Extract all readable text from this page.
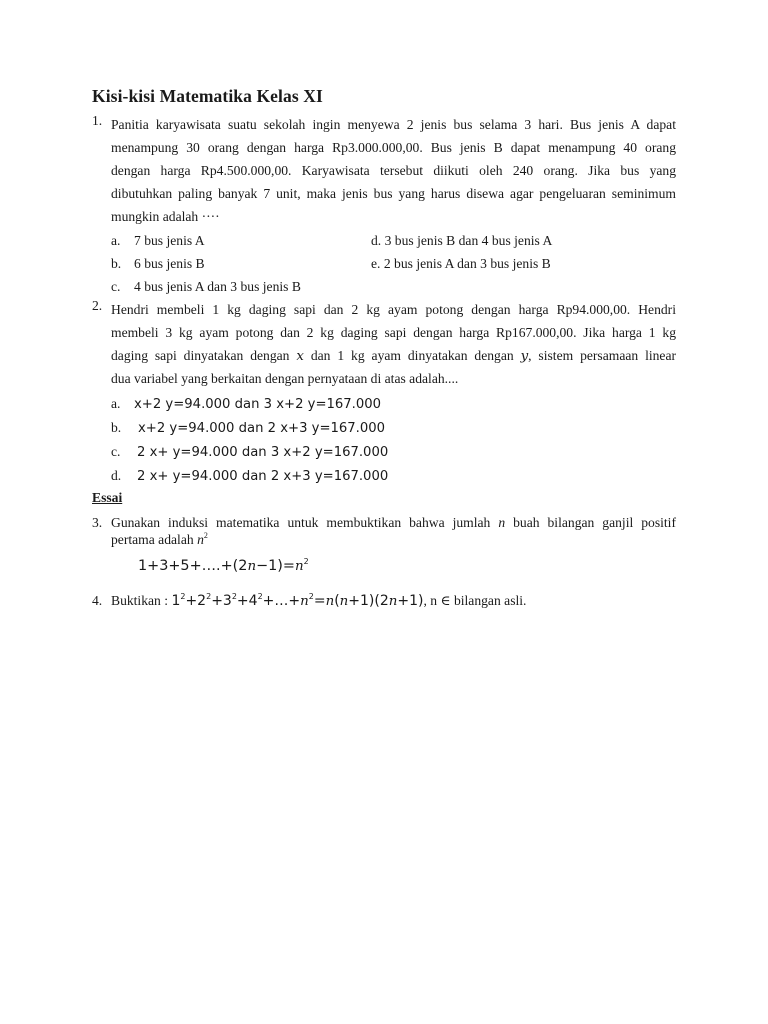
Kisi-kisi Matematika Kelas XI
1. Panitia karyawisata suatu sekolah ingin menyewa 2 jenis bus selama 3 hari. Bus jenis A dapat
menampung 30 orang dengan harga Rp3.000.000,00. Bus jenis B dapat menampung 40 orang
dengan harga Rp4.500.000,00. Karyawisata tersebut diikuti oleh 240 orang. Jika bus yang
dibutuhkan paling banyak 7 unit, maka jenis bus yang harus disewa agar pengeluaran seminimum
mungkin adalah ····
a. 7 bus jenis A	d. 3 bus jenis B dan 4 bus jenis A
b. 6 bus jenis B	e. 2 bus jenis A dan 3 bus jenis B
c. 4 bus jenis A dan 3 bus jenis B
2. Hendri membeli 1 kg daging sapi dan 2 kg ayam potong dengan harga Rp94.000,00. Hendri
membeli 3 kg ayam potong dan 2 kg daging sapi dengan harga Rp167.000,00. Jika harga 1 kg
daging sapi dinyatakan dengan x dan 1 kg ayam dinyatakan dengan y, sistem persamaan linear
dua variabel yang berkaitan dengan pernyataan di atas adalah....
a. x+2 y=94.000 dan 3 x+2 y=167.000
b. x+2 y=94.000 dan 2 x+3 y=167.000
c. 2 x+ y=94.000 dan 3 x+2 y=167.000
d. 2 x+ y=94.000 dan 2 x+3 y=167.000
Essai
3. Gunakan induksi matematika untuk membuktikan bahwa jumlah n buah bilangan ganjil positif
pertama adalah $n^2$
$1+3+5+\dots.+(2n-1)=n^2$
4. Buktikan : $1^2+2^2+3^2+4^2+\dots+n^2=n(n+1)(2n+1)$, n ∈ bilangan asli.
